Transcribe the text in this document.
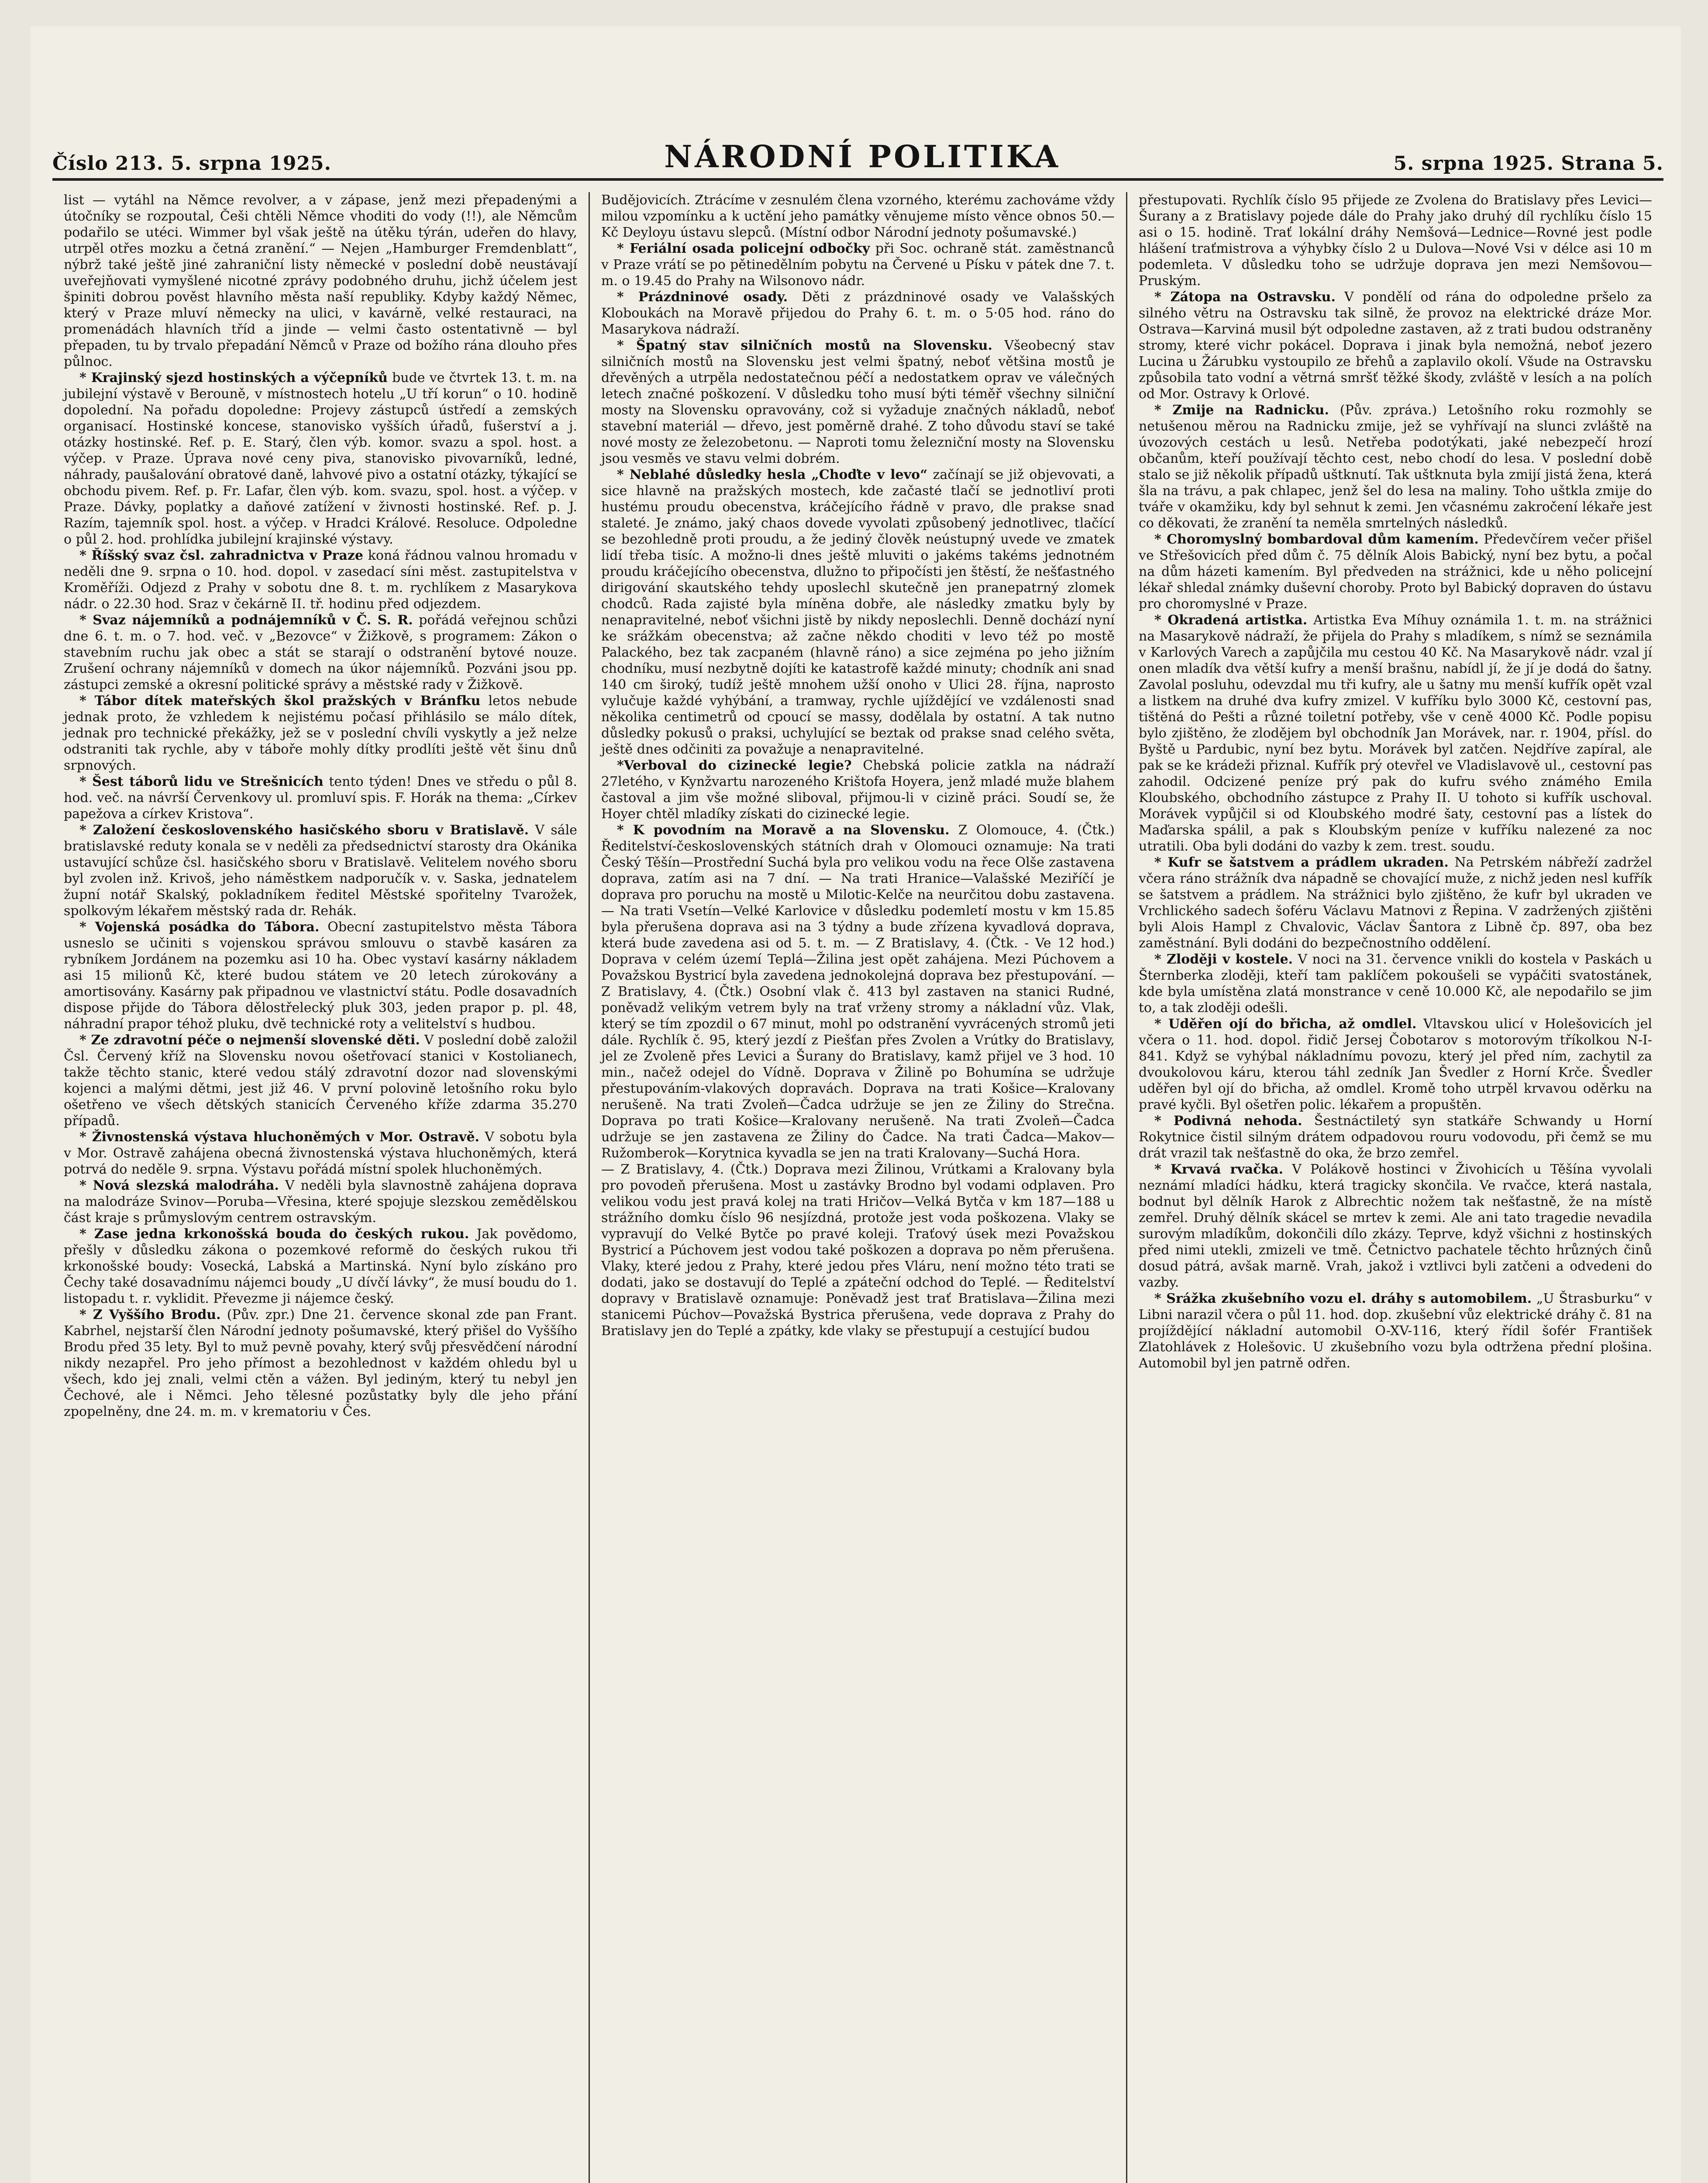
Číslo 213. 5. srpna 1925.	NÁRODNÍ POLITIKA	5. srpna 1925. Strana 5.

list — vytáhl na Němce revolver, a v zápase, jenž mezi přepadenými a útočníky se rozpoutal, Češi chtěli Němce vhoditi do vody (!!), ale Němcům podařilo se utéci. Wimmer byl však ještě na útěku týrán, udeřen do hlavy, utrpěl otřes mozku a četná zranění.“ — Nejen „Hamburger Fremdenblatt“, nýbrž také ještě jiné zahraniční listy německé v poslední době neustávají uveřejňovati vymyšlené nicotné zprávy podobného druhu, jichž účelem jest špiniti dobrou pověst hlavního města naší republiky. Kdyby každý Němec, který v Praze mluví německy na ulici, v kavárně, velké restauraci, na promenádách hlavních tříd a jinde — velmi často ostentativně — byl přepaden, tu by trvalo přepadání Němců v Praze od božího rána dlouho přes půlnoc.

* Krajinský sjezd hostinských a výčepníků bude ve čtvrtek 13. t. m. na jubilejní výstavě v Berouně, v místnostech hotelu „U tří korun“ o 10. hodině dopolední. Na pořadu dopoledne: Projevy zástupců ústředí a zemských organisací. Hostinské koncese, stanovisko vyšších úřadů, fušerství a j. otázky hostinské. Ref. p. E. Starý, člen výb. komor. svazu a spol. host. a výčep. v Praze. Úprava nové ceny piva, stanovisko pivovarníků, ledné, náhrady, paušalování obratové daně, lahvové pivo a ostatní otázky, týkající se obchodu pivem. Ref. p. Fr. Lafar, člen výb. kom. svazu, spol. host. a výčep. v Praze. Dávky, poplatky a daňové zatížení v živnosti hostinské. Ref. p. J. Razím, tajemník spol. host. a výčep. v Hradci Králové. Resoluce. Odpoledne o půl 2. hod. prohlídka jubilejní krajinské výstavy.

* Říšský svaz čsl. zahradnictva v Praze koná řádnou valnou hromadu v neděli dne 9. srpna o 10. hod. dopol. v zasedací síni měst. zastupitelstva v Kroměříži. Odjezd z Prahy v sobotu dne 8. t. m. rychlíkem z Masarykova nádr. o 22.30 hod. Sraz v čekárně II. tř. hodinu před odjezdem.

* Svaz nájemníků a podnájemníků v Č. S. R. pořádá veřejnou schůzi dne 6. t. m. o 7. hod. več. v „Bezovce“ v Žižkově, s programem: Zákon o stavebním ruchu jak obec a stát se starají o odstranění bytové nouze. Zrušení ochrany nájemníků v domech na úkor nájemníků. Pozváni jsou pp. zástupci zemské a okresní politické správy a městské rady v Žižkově.

* Tábor dítek mateřských škol pražských v Bránfku letos nebude jednak proto, že vzhledem k nejistému počasí přihlásilo se málo dítek, jednak pro technické překážky, jež se v poslední chvíli vyskytly a jež nelze odstraniti tak rychle, aby v táboře mohly dítky prodlíti ještě vět šinu dnů srpnových.

* Šest táborů lidu ve Strešnicích tento týden! Dnes ve středu o půl 8. hod. več. na návrší Červenkovy ul. promluví spis. F. Horák na thema: „Církev papežova a církev Kristova“.

* Založení československého hasičského sboru v Bratislavě. V sále bratislavské reduty konala se v neděli za předsednictví starosty dra Okánika ustavující schůze čsl. hasičského sboru v Bratislavě. Velitelem nového sboru byl zvolen inž. Krivoš, jeho náměstkem nadporučík v. v. Saska, jednatelem župní notář Skalský, pokladníkem ředitel Městské spořitelny Tvarožek, spolkovým lékařem městský rada dr. Rehák.

* Vojenská posádka do Tábora. Obecní zastupitelstvo města Tábora usneslo se učiniti s vojenskou správou smlouvu o stavbě kasáren za rybníkem Jordánem na pozemku asi 10 ha. Obec vystaví kasárny nákladem asi 15 milionů Kč, které budou státem ve 20 letech zúrokovány a amortisovány. Kasárny pak připadnou ve vlastnictví státu. Podle dosavadních dispose přijde do Tábora dělostřelecký pluk 303, jeden prapor p. pl. 48, náhradní prapor téhož pluku, dvě technické roty a velitelství s hudbou.

* Ze zdravotní péče o nejmenší slovenské děti. V poslední době založil Čsl. Červený kříž na Slovensku novou ošetřovací stanici v Kostolianech, takže těchto stanic, které vedou stálý zdravotní dozor nad slovenskými kojenci a malými dětmi, jest již 46. V první polovině letošního roku bylo ošetřeno ve všech dětských stanicích Červeného kříže zdarma 35.270 případů.

* Živnostenská výstava hluchoněmých v Mor. Ostravě. V sobotu byla v Mor. Ostravě zahájena obecná živnostenská výstava hluchoněmých, která potrvá do neděle 9. srpna. Výstavu pořádá místní spolek hluchoněmých.

* Nová slezská malodráha. V neděli byla slavnostně zahájena doprava na malodráze Svinov—Poruba—Vřesina, které spojuje slezskou zemědělskou část kraje s průmyslovým centrem ostravským.

* Zase jedna krkonošská bouda do českých rukou. Jak povědomo, přešly v důsledku zákona o pozemkové reformě do českých rukou tři krkonošské boudy: Vosecká, Labská a Martinská. Nyní bylo získáno pro Čechy také dosavadnímu nájemci boudy „U dívčí lávky“, že musí boudu do 1. listopadu t. r. vyklidit. Převezme ji nájemce český.

* Z Vyššího Brodu. (Pův. zpr.) Dne 21. července skonal zde pan Frant. Kabrhel, nejstarší člen Národní jednoty pošumavské, který přišel do Vyššího Brodu před 35 lety. Byl to muž pevně povahy, který svůj přesvědčení národní nikdy nezapřel. Pro jeho přímost a bezohlednost v každém ohledu byl u všech, kdo jej znali, velmi ctěn a vážen. Byl jediným, který tu nebyl jen Čechové, ale i Němci. Jeho tělesné pozůstatky byly dle jeho přání zpopelněny, dne 24. m. m. v krematoriu v Čes.

Budějovicích. Ztrácíme v zesnulém člena vzorného, kterému zachováme vždy milou vzpomínku a k uctění jeho památky věnujeme místo věnce obnos 50.— Kč Deyloyu ústavu slepců. (Místní odbor Národní jednoty pošumavské.)

* Feriální osada policejní odbočky při Soc. ochraně stát. zaměstnanců v Praze vrátí se po pětinedělním pobytu na Červené u Písku v pátek dne 7. t. m. o 19.45 do Prahy na Wilsonovo nádr.

* Prázdninové osady. Děti z prázdninové osady ve Valašských Kloboukách na Moravě přijedou do Prahy 6. t. m. o 5·05 hod. ráno do Masarykova nádraží.

* Špatný stav silničních mostů na Slovensku. Všeobecný stav silničních mostů na Slovensku jest velmi špatný, neboť většina mostů je dřevěných a utrpěla nedostatečnou péčí a nedostatkem oprav ve válečných letech značné poškození. V důsledku toho musí býti téměř všechny silniční mosty na Slovensku opravovány, což si vyžaduje značných nákladů, neboť stavební materiál — dřevo, jest poměrně drahé. Z toho důvodu staví se také nové mosty ze železobetonu. — Naproti tomu železniční mosty na Slovensku jsou vesměs ve stavu velmi dobrém.

* Neblahé důsledky hesla „Choďte v levo“ začínají se již objevovati, a sice hlavně na pražských mostech, kde začasté tlačí se jednotliví proti hustému proudu obecenstva, kráčejícího řádně v pravo, dle prakse snad staleté. Je známo, jaký chaos dovede vyvolati způsobený jednotlivec, tlačící se bezohledně proti proudu, a že jediný člověk neústupný uvede ve zmatek lidí třeba tisíc. A možno-li dnes ještě mluviti o jakéms takéms jednotném proudu kráčejícího obecenstva, dlužno to připočísti jen štěstí, že nešťastného dirigování skautského tehdy uposlechl skutečně jen pranepatrný zlomek chodců. Rada zajisté byla míněna dobře, ale následky zmatku byly by nenapravitelné, neboť všichni jistě by nikdy neposlechli. Denně dochází nyní ke srážkám obecenstva; až začne někdo choditi v levo též po mostě Palackého, bez tak zacpaném (hlavně ráno) a sice zejména po jeho jižním chodníku, musí nezbytně dojíti ke katastrofě každé minuty; chodník ani snad 140 cm široký, tudíž ještě mnohem užší onoho v Ulici 28. října, naprosto vylučuje každé vyhýbání, a tramway, rychle ujíždějící ve vzdálenosti snad několika centimetrů od cpoucí se massy, dodělala by ostatní. A tak nutno důsledky pokusů o praksi, uchylující se beztak od prakse snad celého světa, ještě dnes odčiniti za považuje a nenapravitelné.

*Verboval do cizinecké legie? Chebská policie zatkla na nádraží 27letého, v Kynžvartu narozeného Krištofa Hoyera, jenž mladé muže blahem častoval a jim vše možné sliboval, přijmou-li v cizině práci. Soudí se, že Hoyer chtěl mladíky získati do cizinecké legie.

* K povodním na Moravě a na Slovensku. Z Olomouce, 4. (Čtk.) Ředitelství-československých státních drah v Olomouci oznamuje: Na trati Český Těšín—Prostřední Suchá byla pro velikou vodu na řece Olše zastavena doprava, zatím asi na 7 dní. — Na trati Hranice—Valašské Meziříčí je doprava pro poruchu na mostě u Milotic-Kelče na neurčitou dobu zastavena. — Na trati Vsetín—Velké Karlovice v důsledku podemletí mostu v km 15.85 byla přerušena doprava asi na 3 týdny a bude zřízena kyvadlová doprava, která bude zavedena asi od 5. t. m. — Z Bratislavy, 4. (Čtk. - Ve 12 hod.) Doprava v celém území Teplá—Žilina jest opět zahájena. Mezi Púchovem a Považskou Bystricí byla zavedena jednokolejná doprava bez přestupování. — Z Bratislavy, 4. (Čtk.) Osobní vlak č. 413 byl zastaven na stanici Rudné, poněvadž velikým vetrem byly na trať vrženy stromy a nákladní vůz. Vlak, který se tím zpozdil o 67 minut, mohl po odstranění vyvrácených stromů jeti dále. Rychlík č. 95, který jezdí z Piešťan přes Zvolen a Vrútky do Bratislavy, jel ze Zvoleně přes Levici a Šurany do Bratislavy, kamž přijel ve 3 hod. 10 min., načež odejel do Vídně. Doprava v Žilině po Bohumína se udržuje přestupováním-vlakových dopravách. Doprava na trati Košice—Kralovany nerušeně. Na trati Zvoleň—Čadca udržuje se jen ze Žiliny do Strečna. Doprava po trati Košice—Kralovany nerušeně. Na trati Zvoleň—Čadca udržuje se jen zastavena ze Žiliny do Čadce. Na trati Čadca—Makov—Ružomberok—Korytnica kyvadla se jen na trati Kralovany—Suchá Hora.

— Z Bratislavy, 4. (Čtk.) Doprava mezi Žilinou, Vrútkami a Kralovany byla pro povodeň přerušena. Most u zastávky Brodno byl vodami odplaven. Pro velikou vodu jest pravá kolej na trati Hričov—Velká Bytča v km 187—188 u strážního domku číslo 96 nesjízdná, protože jest voda poškozena. Vlaky se vypravují do Velké Bytče po pravé koleji. Traťový úsek mezi Považskou Bystricí a Púchovem jest vodou také poškozen a doprava po něm přerušena. Vlaky, které jedou z Prahy, které jedou přes Vláru, není možno této trati se dodati, jako se dostavují do Teplé a zpáteční odchod do Teplé. — Ředitelství dopravy v Bratislavě oznamuje: Poněvadž jest trať Bratislava—Žilina mezi stanicemi Púchov—Považská Bystrica přerušena, vede doprava z Prahy do Bratislavy jen do Teplé a zpátky, kde vlaky se přestupují a cestující budou

přestupovati. Rychlík číslo 95 přijede ze Zvolena do Bratislavy přes Levici—Šurany a z Bratislavy pojede dále do Prahy jako druhý díl rychlíku číslo 15 asi o 15. hodině. Trať lokální dráhy Nemšová—Lednice—Rovné jest podle hlášení traťmistrova a výhybky číslo 2 u Dulova—Nové Vsi v délce asi 10 m podemleta. V důsledku toho se udržuje doprava jen mezi Nemšovou—Pruským.

* Zátopa na Ostravsku. V pondělí od rána do odpoledne pršelo za silného větru na Ostravsku tak silně, že provoz na elektrické dráze Mor. Ostrava—Karviná musil být odpoledne zastaven, až z trati budou odstraněny stromy, které vichr pokácel. Doprava i jinak byla nemožná, neboť jezero Lucina u Žárubku vystoupilo ze břehů a zaplavilo okolí. Všude na Ostravsku způsobila tato vodní a větrná smršť těžké škody, zvláště v lesích a na polích od Mor. Ostravy k Orlové.

* Zmije na Radnicku. (Pův. zpráva.) Letošního roku rozmohly se netušenou měrou na Radnicku zmije, jež se vyhřívají na slunci zvláště na úvozových cestách u lesů. Netřeba podotýkati, jaké nebezpečí hrozí občanům, kteří používají těchto cest, nebo chodí do lesa. V poslední době stalo se již několik případů uštknutí. Tak uštknuta byla zmijí jistá žena, která šla na trávu, a pak chlapec, jenž šel do lesa na maliny. Toho uštkla zmije do tváře v okamžiku, kdy byl sehnut k zemi. Jen včasnému zakročení lékaře jest co děkovati, že zranění ta neměla smrtelných následků.

* Choromyslný bombardoval dům kamením. Předevčírem večer přišel ve Střešovicích před dům č. 75 dělník Alois Babický, nyní bez bytu, a počal na dům házeti kamením. Byl předveden na strážnici, kde u něho policejní lékař shledal známky duševní choroby. Proto byl Babický dopraven do ústavu pro choromyslné v Praze.

* Okradená artistka. Artistka Eva Míhuy oznámila 1. t. m. na strážnici na Masarykově nádraží, že přijela do Prahy s mladíkem, s nímž se seznámila v Karlových Varech a zapůjčila mu cestou 40 Kč. Na Masarykově nádr. vzal jí onen mladík dva větší kufry a menší brašnu, nabídl jí, že jí je dodá do šatny. Zavolal posluhu, odevzdal mu tři kufry, ale u šatny mu menší kufřík opět vzal a listkem na druhé dva kufry zmizel. V kufříku bylo 3000 Kč, cestovní pas, tištěná do Pešti a různé toiletní potřeby, vše v ceně 4000 Kč. Podle popisu bylo zjištěno, že zlodějem byl obchodník Jan Morávek, nar. r. 1904, přísl. do Byště u Pardubic, nyní bez bytu. Morávek byl zatčen. Nejdříve zapíral, ale pak se ke krádeži přiznal. Kufřík prý otevřel ve Vladislavově ul., cestovní pas zahodil. Odcizené peníze prý pak do kufru svého známého Emila Kloubského, obchodního zástupce z Prahy II. U tohoto si kufřík uschoval. Morávek vypůjčil si od Kloubského modré šaty, cestovní pas a lístek do Maďarska spálil, a pak s Kloubským peníze v kufříku nalezené za noc utratili. Oba byli dodáni do vazby k zem. trest. soudu.

* Kufr se šatstvem a prádlem ukraden. Na Petrském nábřeží zadržel včera ráno strážník dva nápadně se chovající muže, z nichž jeden nesl kufřík se šatstvem a prádlem. Na strážnici bylo zjištěno, že kufr byl ukraden ve Vrchlického sadech šoféru Václavu Matnovi z Řepina. V zadržených zjištěni byli Alois Hampl z Chvalovic, Václav Šantora z Libně čp. 897, oba bez zaměstnání. Byli dodáni do bezpečnostního oddělení.

* Zloději v kostele. V noci na 31. července vnikli do kostela v Paskách u Šternberka zloději, kteří tam paklíčem pokoušeli se vypáčiti svatostánek, kde byla umístěna zlatá monstrance v ceně 10.000 Kč, ale nepodařilo se jim to, a tak zloději odešli.

* Uděřen ojí do břicha, až omdlel. Vltavskou ulicí v Holešovicích jel včera o 11. hod. dopol. řidič Jersej Čobotarov s motorovým tříkolkou N-I-841. Když se vyhýbal nákladnímu povozu, který jel před ním, zachytil za dvoukolovou káru, kterou táhl zedník Jan Švedler z Horní Krče. Švedler uděřen byl ojí do břicha, až omdlel. Kromě toho utrpěl krvavou oděrku na pravé kyčli. Byl ošetřen polic. lékařem a propuštěn.

* Podivná nehoda. Šestnáctiletý syn statkáře Schwandy u Horní Rokytnice čistil silným drátem odpadovou rouru vodovodu, při čemž se mu drát vrazil tak nešťastně do oka, že brzo zemřel.

* Krvavá rvačka. V Polákově hostinci v Živohicích u Těšína vyvolali neznámí mladíci hádku, která tragicky skončila. Ve rvačce, která nastala, bodnut byl dělník Harok z Albrechtic nožem tak nešťastně, že na místě zemřel. Druhý dělník skácel se mrtev k zemi. Ale ani tato tragedie nevadila surovým mladíkům, dokončili dílo zkázy. Teprve, když všichni z hostinských před nimi utekli, zmizeli ve tmě. Četnictvo pachatele těchto hrůzných činů dosud pátrá, avšak marně. Vrah, jakož i vztlivci byli zatčeni a odvedeni do vazby.

* Srážka zkušebního vozu el. dráhy s automobilem. „U Štrasburku“ v Libni narazil včera o půl 11. hod. dop. zkušební vůz elektrické dráhy č. 81 na projíždějící nákladní automobil O-XV-116, který řídil šofér František Zlatohlávek z Holešovic. U zkušebního vozu byla odtržena přední plošina. Automobil byl jen patrně odřen.
